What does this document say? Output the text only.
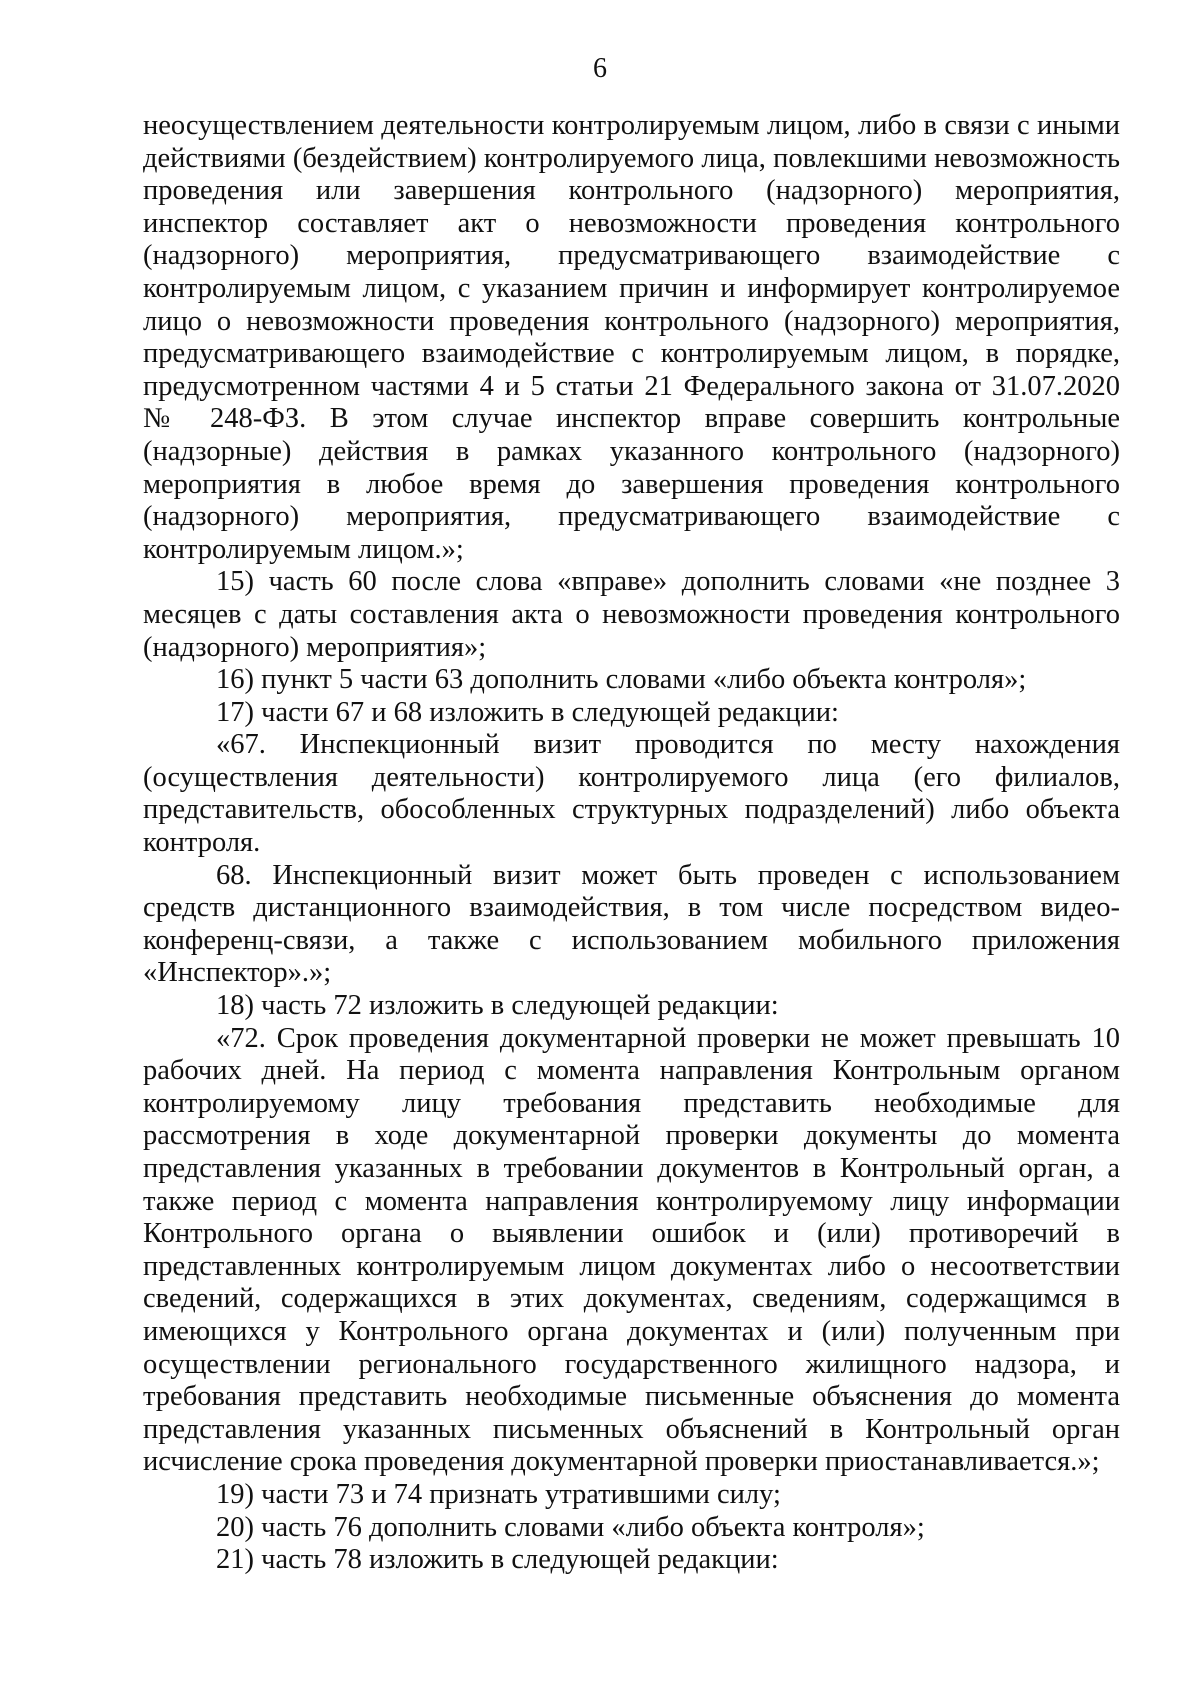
6
неосуществлением деятельности контролируемым лицом, либо в связи с иными
действиями (бездействием) контролируемого лица, повлекшими невозможность
проведения или завершения контрольного (надзорного) мероприятия,
инспектор составляет акт о невозможности проведения контрольного
(надзорного) мероприятия, предусматривающего взаимодействие с
контролируемым лицом, с указанием причин и информирует контролируемое
лицо о невозможности проведения контрольного (надзорного) мероприятия,
предусматривающего взаимодействие с контролируемым лицом, в порядке,
предусмотренном частями 4 и 5 статьи 21 Федерального закона от 31.07.2020
№ 248-ФЗ. В этом случае инспектор вправе совершить контрольные
(надзорные) действия в рамках указанного контрольного (надзорного)
мероприятия в любое время до завершения проведения контрольного
(надзорного) мероприятия, предусматривающего взаимодействие с
контролируемым лицом.»;
15) часть 60 после слова «вправе» дополнить словами «не позднее 3
месяцев с даты составления акта о невозможности проведения контрольного
(надзорного) мероприятия»;
16) пункт 5 части 63 дополнить словами «либо объекта контроля»;
17) части 67 и 68 изложить в следующей редакции:
«67. Инспекционный визит проводится по месту нахождения
(осуществления деятельности) контролируемого лица (его филиалов,
представительств, обособленных структурных подразделений) либо объекта
контроля.
68. Инспекционный визит может быть проведен с использованием
средств дистанционного взаимодействия, в том числе посредством видео-
конференц-связи, а также с использованием мобильного приложения
«Инспектор».»;
18) часть 72 изложить в следующей редакции:
«72. Срок проведения документарной проверки не может превышать 10
рабочих дней. На период с момента направления Контрольным органом
контролируемому лицу требования представить необходимые для
рассмотрения в ходе документарной проверки документы до момента
представления указанных в требовании документов в Контрольный орган, а
также период с момента направления контролируемому лицу информации
Контрольного органа о выявлении ошибок и (или) противоречий в
представленных контролируемым лицом документах либо о несоответствии
сведений, содержащихся в этих документах, сведениям, содержащимся в
имеющихся у Контрольного органа документах и (или) полученным при
осуществлении регионального государственного жилищного надзора, и
требования представить необходимые письменные объяснения до момента
представления указанных письменных объяснений в Контрольный орган
исчисление срока проведения документарной проверки приостанавливается.»;
19) части 73 и 74 признать утратившими силу;
20) часть 76 дополнить словами «либо объекта контроля»;
21) часть 78 изложить в следующей редакции:
